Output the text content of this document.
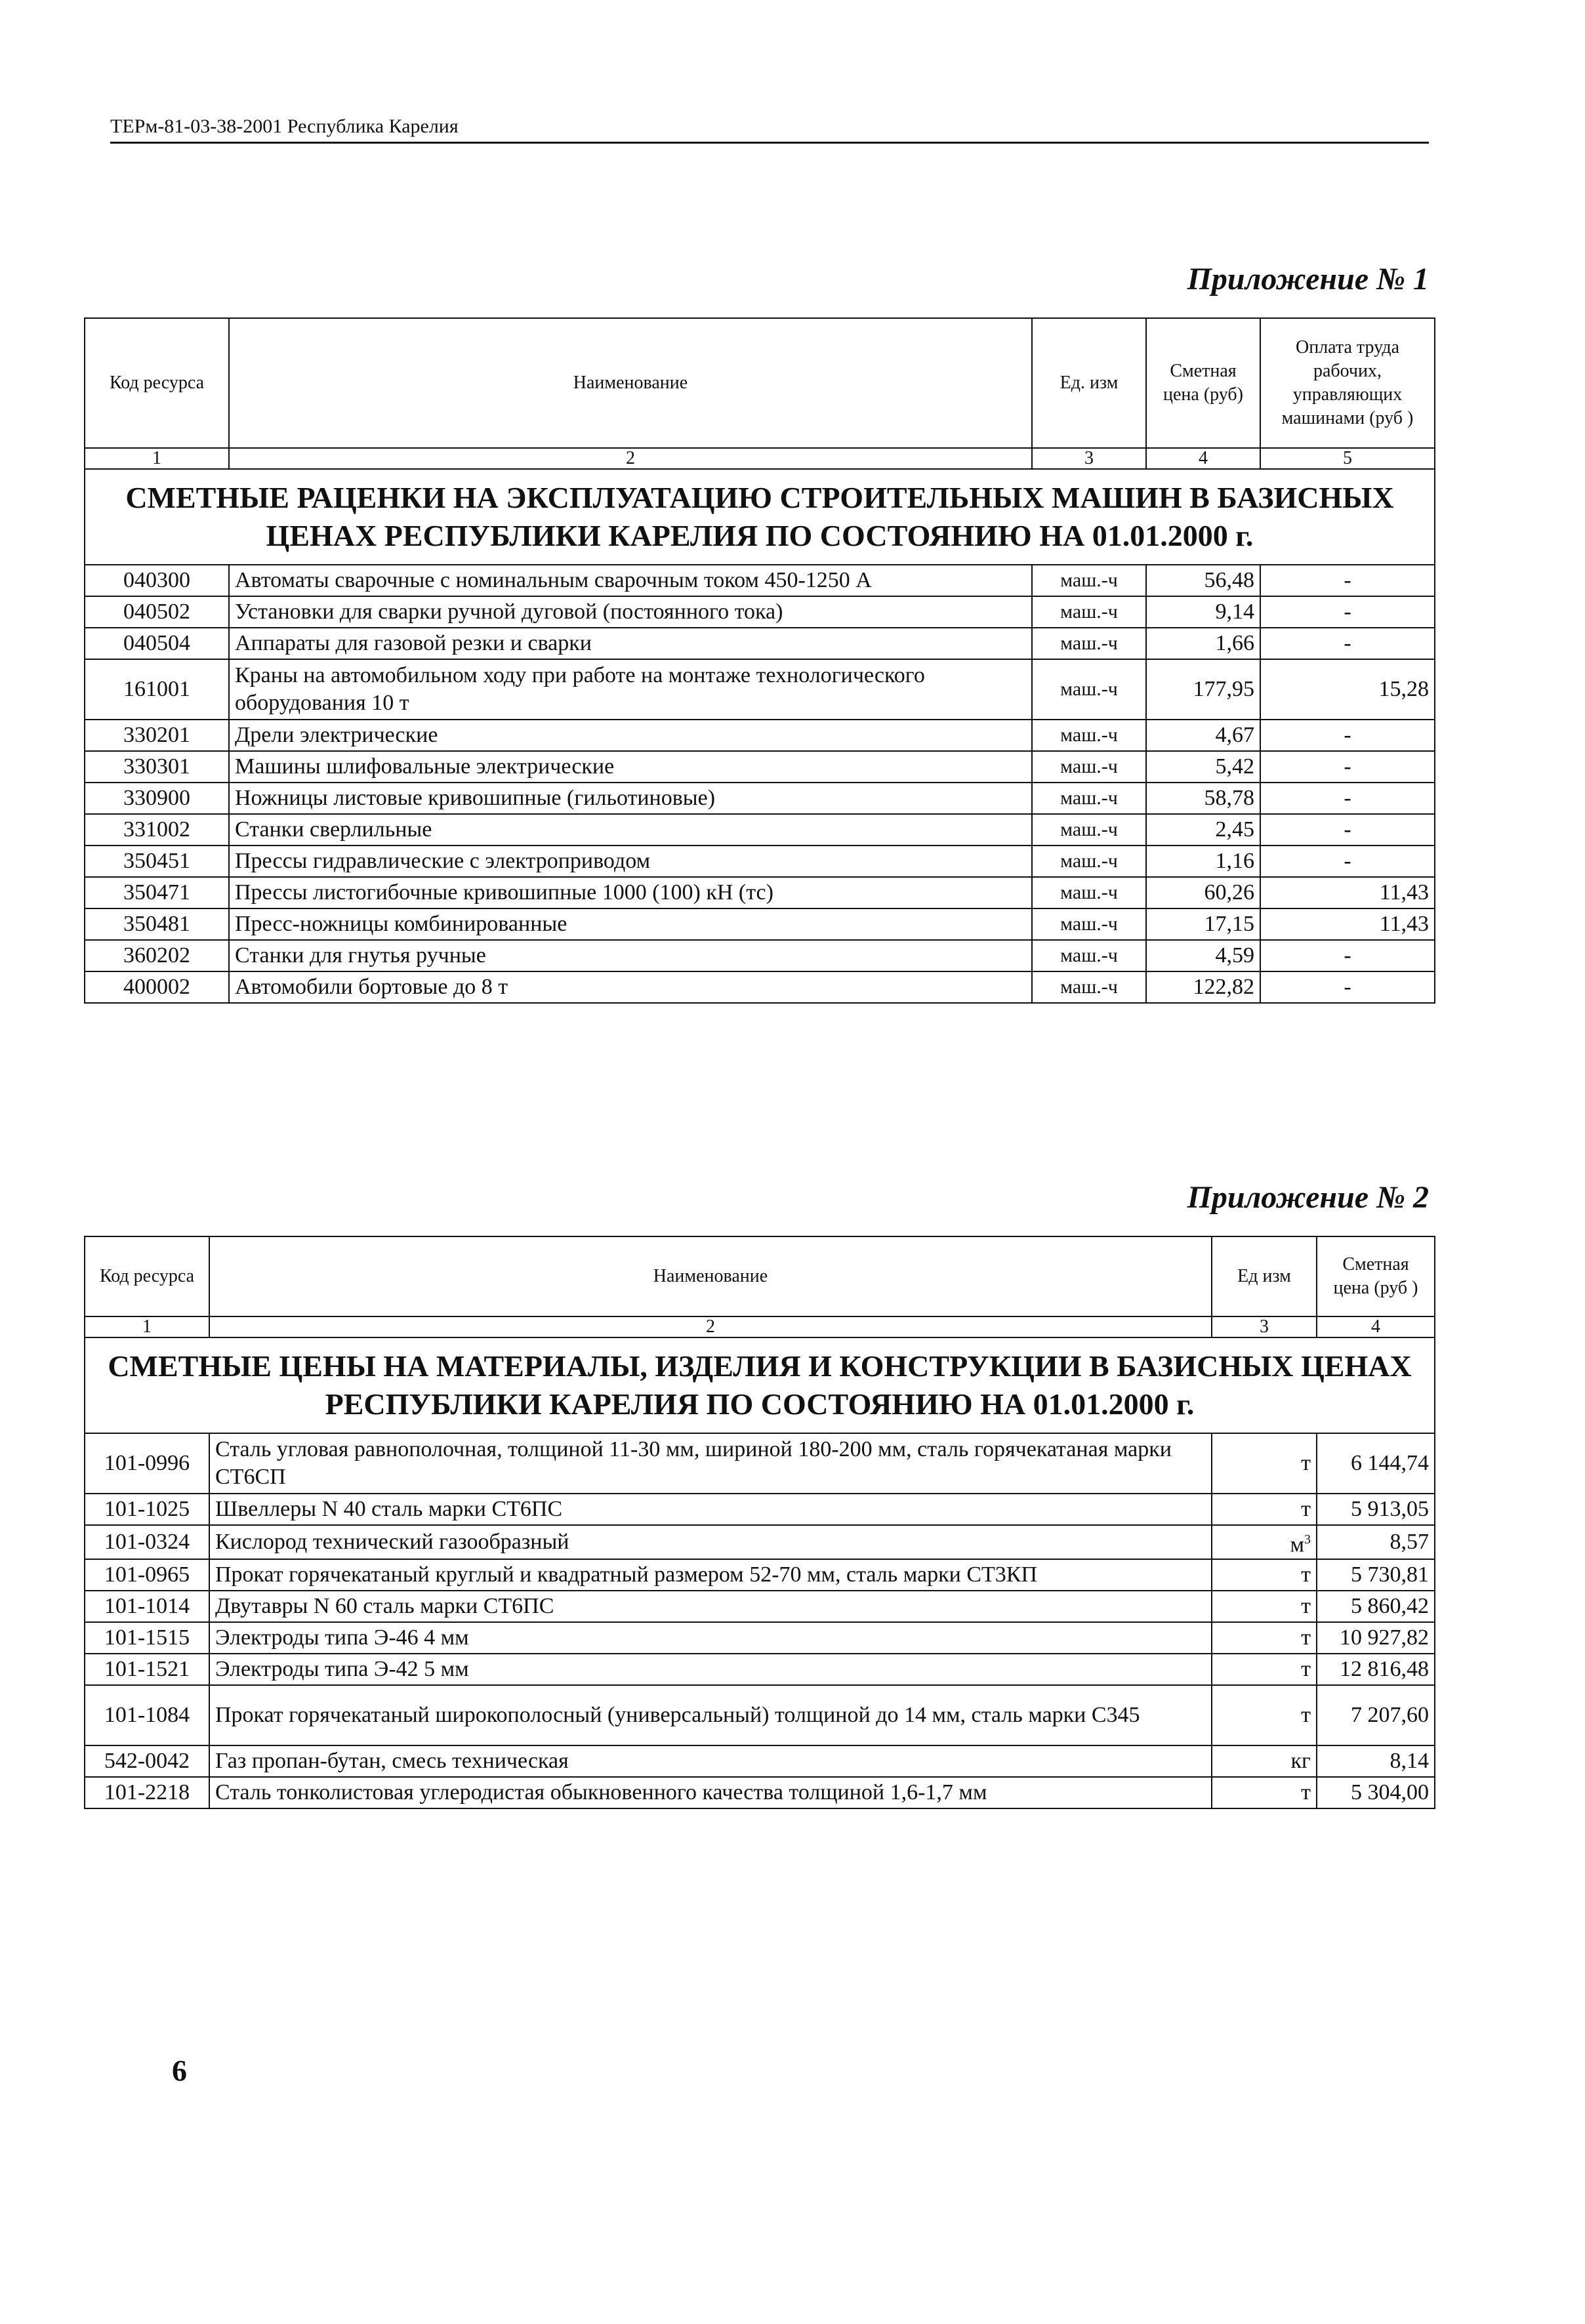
ТЕРм-81-03-38-2001 Республика Карелия
Приложение № 1
Код ресурса	Наименование	Ед. изм	Сметная цена (руб)	Оплата труда рабочих, управляющих машинами (руб )
1	2	3	4	5
СМЕТНЫЕ РАЦЕНКИ НА ЭКСПЛУАТАЦИЮ СТРОИТЕЛЬНЫХ МАШИН В БАЗИСНЫХ ЦЕНАХ РЕСПУБЛИКИ КАРЕЛИЯ ПО СОСТОЯНИЮ НА 01.01.2000 г.				
040300	Автоматы сварочные с номинальным сварочным током 450-1250 А	маш.-ч	56,48	-
040502	Установки для сварки ручной дуговой (постоянного тока)	маш.-ч	9,14	-
040504	Аппараты для газовой резки и сварки	маш.-ч	1,66	-
161001	Краны на автомобильном ходу при работе на монтаже технологического оборудования 10 т	маш.-ч	177,95	15,28
330201	Дрели электрические	маш.-ч	4,67	-
330301	Машины шлифовальные электрические	маш.-ч	5,42	-
330900	Ножницы листовые кривошипные (гильотиновые)	маш.-ч	58,78	-
331002	Станки сверлильные	маш.-ч	2,45	-
350451	Прессы гидравлические с электроприводом	маш.-ч	1,16	-
350471	Прессы листогибочные кривошипные 1000 (100) кН (тс)	маш.-ч	60,26	11,43
350481	Пресс-ножницы комбинированные	маш.-ч	17,15	11,43
360202	Станки для гнутья ручные	маш.-ч	4,59	-
400002	Автомобили бортовые до 8 т	маш.-ч	122,82	-
Приложение № 2
Код ресурса	Наименование	Ед изм	Сметная цена (руб )
1	2	3	4
СМЕТНЫЕ ЦЕНЫ НА МАТЕРИАЛЫ, ИЗДЕЛИЯ И КОНСТРУКЦИИ В БАЗИСНЫХ ЦЕНАХ РЕСПУБЛИКИ КАРЕЛИЯ ПО СОСТОЯНИЮ НА 01.01.2000 г.			
101-0996	Сталь угловая равнополочная, толщиной 11-30 мм, шириной 180-200 мм, сталь горячекатаная марки СТ6СП	т	6 144,74
101-1025	Швеллеры N 40 сталь марки СТ6ПС	т	5 913,05
101-0324	Кислород технический газообразный	$м^3$	8,57
101-0965	Прокат горячекатаный круглый и квадратный размером 52-70 мм, сталь марки СТ3КП	т	5 730,81
101-1014	Двутавры N 60 сталь марки СТ6ПС	т	5 860,42
101-1515	Электроды типа Э-46 4 мм	т	10 927,82
101-1521	Электроды типа Э-42 5 мм	т	12 816,48
101-1084	Прокат горячекатаный широкополосный (универсальный) толщиной до 14 мм, сталь марки С345	т	7 207,60
542-0042	Газ пропан-бутан, смесь техническая	кг	8,14
101-2218	Сталь тонколистовая углеродистая обыкновенного качества толщиной 1,6-1,7 мм	т	5 304,00
6
